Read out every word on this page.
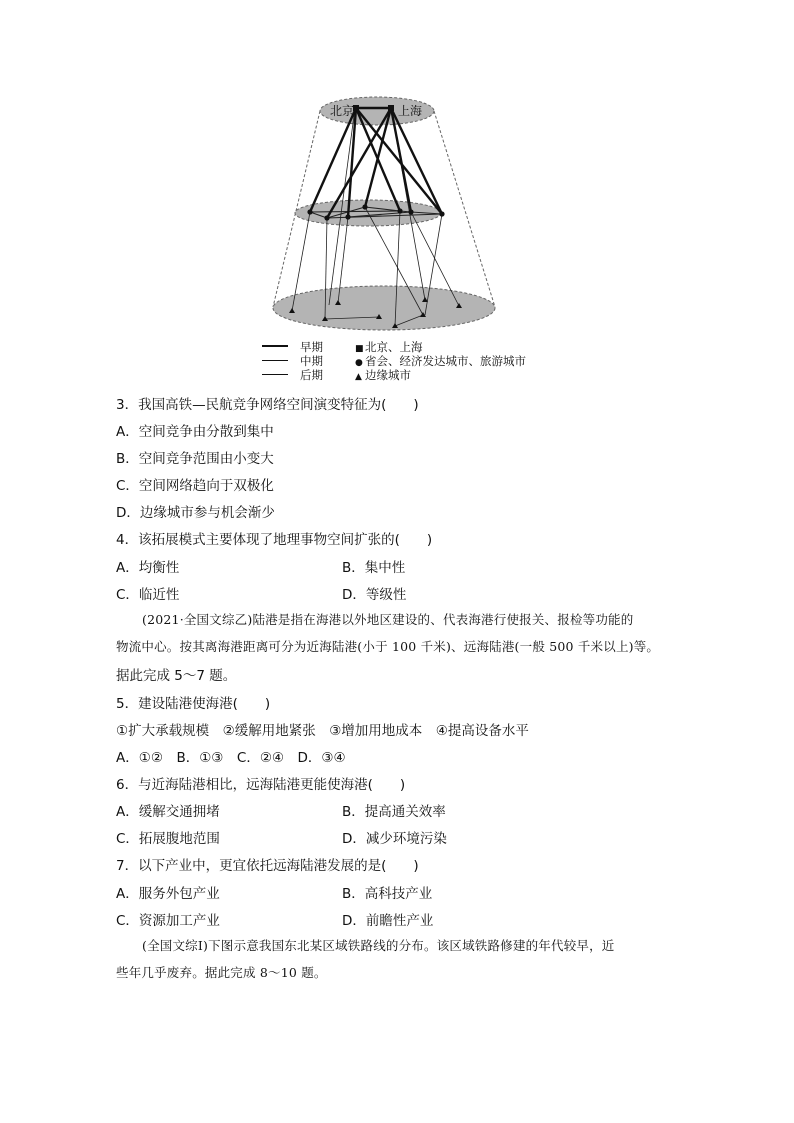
北京	上海
早期
中期
后期
■北京、上海
● 省会、经济发达城市、旅游城市
▲ 边缘城市
3．我国高铁—民航竞争网络空间演变特征为(　　)
A．空间竞争由分散到集中
B．空间竞争范围由小变大
C．空间网络趋向于双极化
D．边缘城市参与机会渐少
4．该拓展模式主要体现了地理事物空间扩张的(　　)
A．均衡性	B．集中性
C．临近性	D．等级性
(2021·全国文综乙)陆港是指在海港以外地区建设的、代表海港行使报关、报检等功能的
物流中心。按其离海港距离可分为近海陆港(小于 100 千米)、远海陆港(一般 500 千米以上)等。
据此完成 5～7 题。
5．建设陆港使海港(　　)
①扩大承载规模　②缓解用地紧张　③增加用地成本　④提高设备水平
A．①②　B．①③　C．②④　D．③④
6．与近海陆港相比，远海陆港更能使海港(　　)
A．缓解交通拥堵	B．提高通关效率
C．拓展腹地范围	D．减少环境污染
7．以下产业中，更宜依托远海陆港发展的是(　　)
A．服务外包产业	B．高科技产业
C．资源加工产业	D．前瞻性产业
(全国文综Ⅰ)下图示意我国东北某区域铁路线的分布。该区域铁路修建的年代较早，近
些年几乎废弃。据此完成 8～10 题。
